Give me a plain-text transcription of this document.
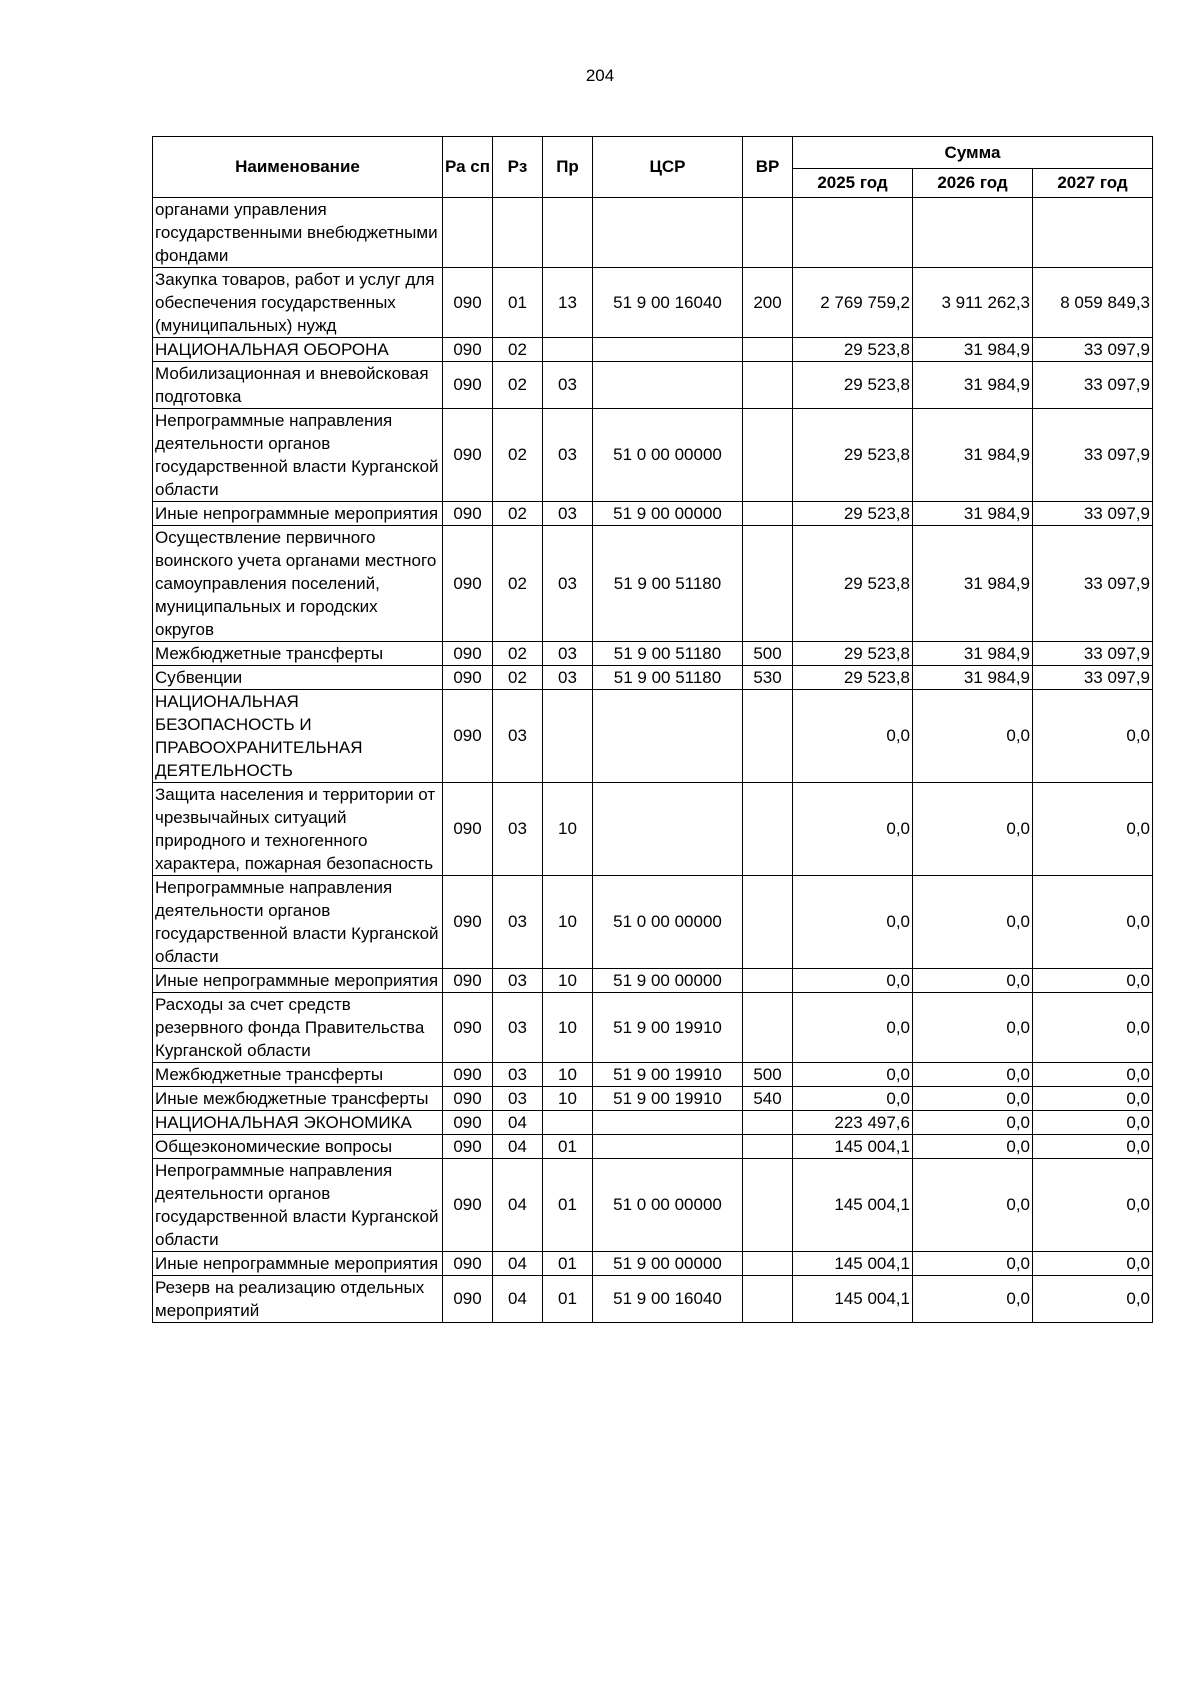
204
Наименование	Ра сп	Рз	Пр	ЦСР	ВР	Сумма		
						2025 год	2026 год	2027 год
органами управления государственными внебюджетными фондами								
Закупка товаров, работ и услуг для обеспечения государственных (муниципальных) нужд	090	01	13	51 9 00 16040	200	2 769 759,2	3 911 262,3	8 059 849,3
НАЦИОНАЛЬНАЯ ОБОРОНА	090	02				29 523,8	31 984,9	33 097,9
Мобилизационная и вневойсковая подготовка	090	02	03			29 523,8	31 984,9	33 097,9
Непрограммные направления деятельности органов государственной власти Курганской области	090	02	03	51 0 00 00000		29 523,8	31 984,9	33 097,9
Иные непрограммные мероприятия	090	02	03	51 9 00 00000		29 523,8	31 984,9	33 097,9
Осуществление первичного воинского учета органами местного самоуправления поселений, муниципальных и городских округов	090	02	03	51 9 00 51180		29 523,8	31 984,9	33 097,9
Межбюджетные трансферты	090	02	03	51 9 00 51180	500	29 523,8	31 984,9	33 097,9
Субвенции	090	02	03	51 9 00 51180	530	29 523,8	31 984,9	33 097,9
НАЦИОНАЛЬНАЯ БЕЗОПАСНОСТЬ И ПРАВООХРАНИТЕЛЬНАЯ ДЕЯТЕЛЬНОСТЬ	090	03				0,0	0,0	0,0
Защита населения и территории от чрезвычайных ситуаций природного и техногенного характера, пожарная безопасность	090	03	10			0,0	0,0	0,0
Непрограммные направления деятельности органов государственной власти Курганской области	090	03	10	51 0 00 00000		0,0	0,0	0,0
Иные непрограммные мероприятия	090	03	10	51 9 00 00000		0,0	0,0	0,0
Расходы за счет средств резервного фонда Правительства Курганской области	090	03	10	51 9 00 19910		0,0	0,0	0,0
Межбюджетные трансферты	090	03	10	51 9 00 19910	500	0,0	0,0	0,0
Иные межбюджетные трансферты	090	03	10	51 9 00 19910	540	0,0	0,0	0,0
НАЦИОНАЛЬНАЯ ЭКОНОМИКА	090	04				223 497,6	0,0	0,0
Общеэкономические вопросы	090	04	01			145 004,1	0,0	0,0
Непрограммные направления деятельности органов государственной власти Курганской области	090	04	01	51 0 00 00000		145 004,1	0,0	0,0
Иные непрограммные мероприятия	090	04	01	51 9 00 00000		145 004,1	0,0	0,0
Резерв на реализацию отдельных мероприятий	090	04	01	51 9 00 16040		145 004,1	0,0	0,0
